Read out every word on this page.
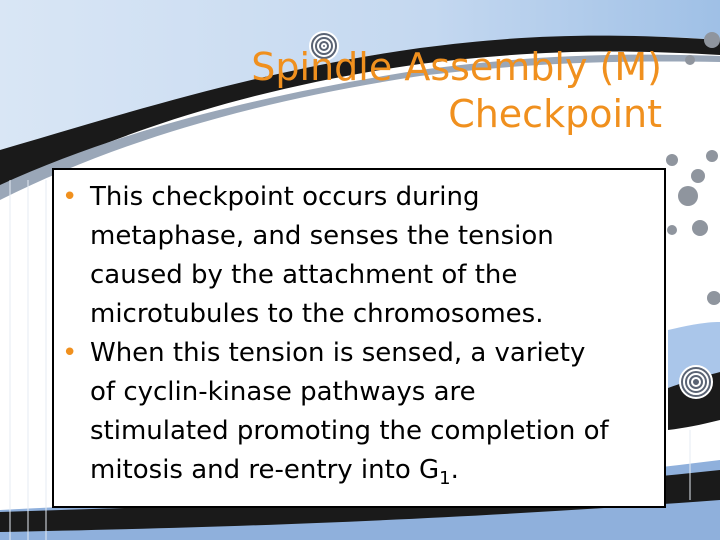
Spindle Assembly (M)
Checkpoint
• This checkpoint occurs during
metaphase, and senses the tension
caused by the attachment of the
microtubules to the chromosomes.
• When this tension is sensed, a variety
of cyclin-kinase pathways are
stimulated promoting the completion of
mitosis and re-entry into $G_1$.
